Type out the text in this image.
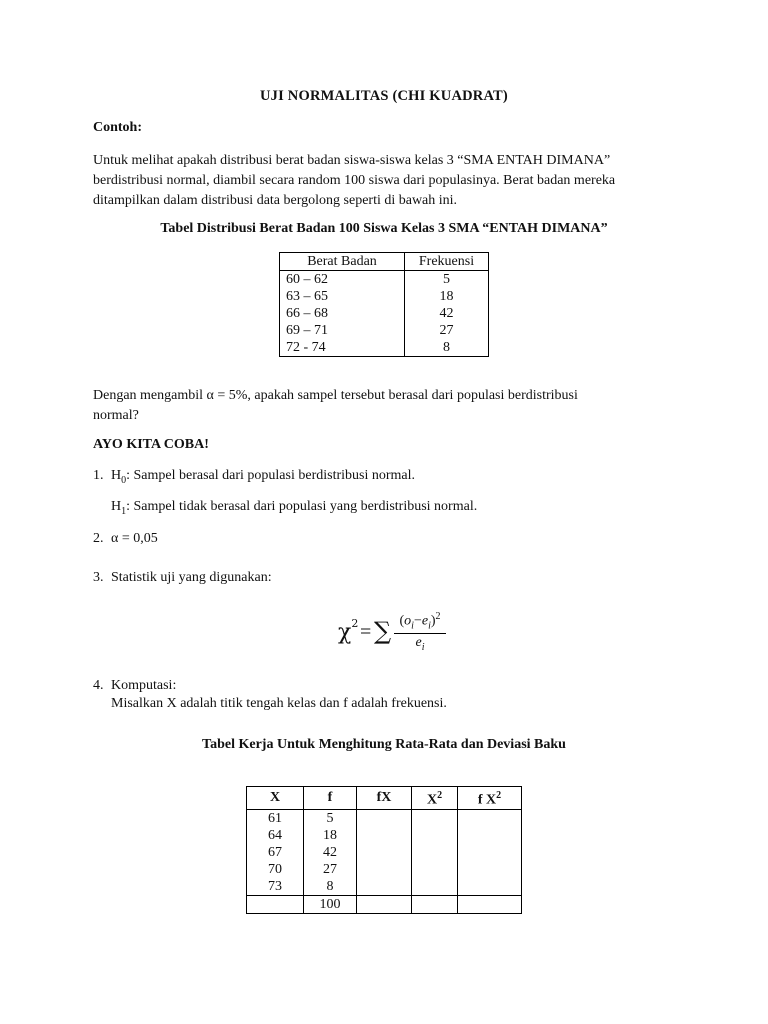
UJI NORMALITAS (CHI KUADRAT)
Contoh:
Untuk melihat apakah distribusi berat badan siswa-siswa kelas 3 “SMA ENTAH DIMANA”
berdistribusi normal, diambil secara random 100 siswa dari populasinya. Berat badan mereka
ditampilkan dalam distribusi data bergolong seperti di bawah ini.
Tabel Distribusi Berat Badan 100 Siswa Kelas 3 SMA “ENTAH DIMANA”
Berat Badan	Frekuensi
60 – 62	5
63 – 65	18
66 – 68	42
69 – 71	27
72 - 74	8
Dengan mengambil α = 5%, apakah sampel tersebut berasal dari populasi berdistribusi
normal?
AYO KITA COBA!
1. $H_0$: Sampel berasal dari populasi berdistribusi normal.
$H_1$: Sampel tidak berasal dari populasi yang berdistribusi normal.
2. α = 0,05
3. Statistik uji yang digunakan:
$\chi^2$ = ∑ $\frac{(o_i-e_i)^2}{e_i}$
4. Komputasi:
Misalkan X adalah titik tengah kelas dan f adalah frekuensi.
Tabel Kerja Untuk Menghitung Rata-Rata dan Deviasi Baku
X	f	fX	$X^2$	f $X^2$
61	5			
64	18			
67	42			
70	27			
73	8			
	100			
